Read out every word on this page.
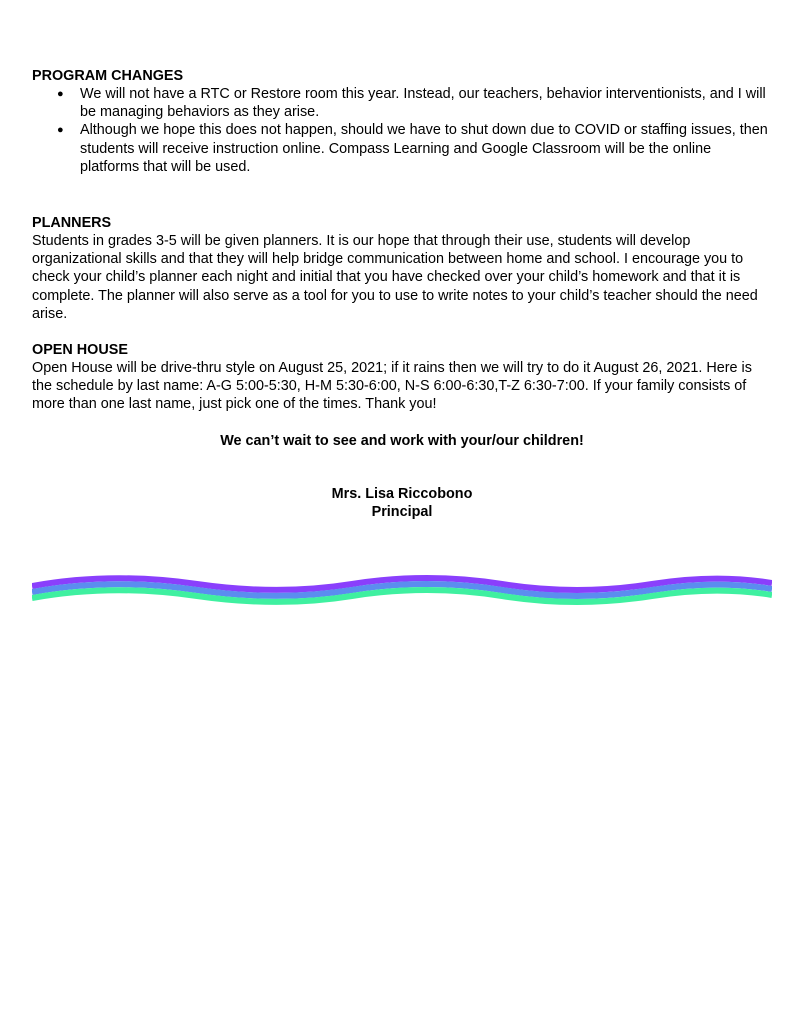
PROGRAM CHANGES

● We will not have a RTC or Restore room this year. Instead, our teachers, behavior interventionists, and I will be managing behaviors as they arise.
● Although we hope this does not happen, should we have to shut down due to COVID or staffing issues, then students will receive instruction online. Compass Learning and Google Classroom will be the online platforms that will be used.

PLANNERS

Students in grades 3-5 will be given planners. It is our hope that through their use, students will develop organizational skills and that they will help bridge communication between home and school. I encourage you to check your child’s planner each night and initial that you have checked over your child’s homework and that it is complete. The planner will also serve as a tool for you to use to write notes to your child’s teacher should the need arise.

OPEN HOUSE

Open House will be drive-thru style on August 25, 2021; if it rains then we will try to do it August 26, 2021. Here is the schedule by last name: A-G 5:00-5:30, H-M 5:30-6:00, N-S 6:00-6:30,T-Z 6:30-7:00. If your family consists of more than one last name, just pick one of the times. Thank you!

We can’t wait to see and work with your/our children!

Mrs. Lisa Riccobono
Principal
